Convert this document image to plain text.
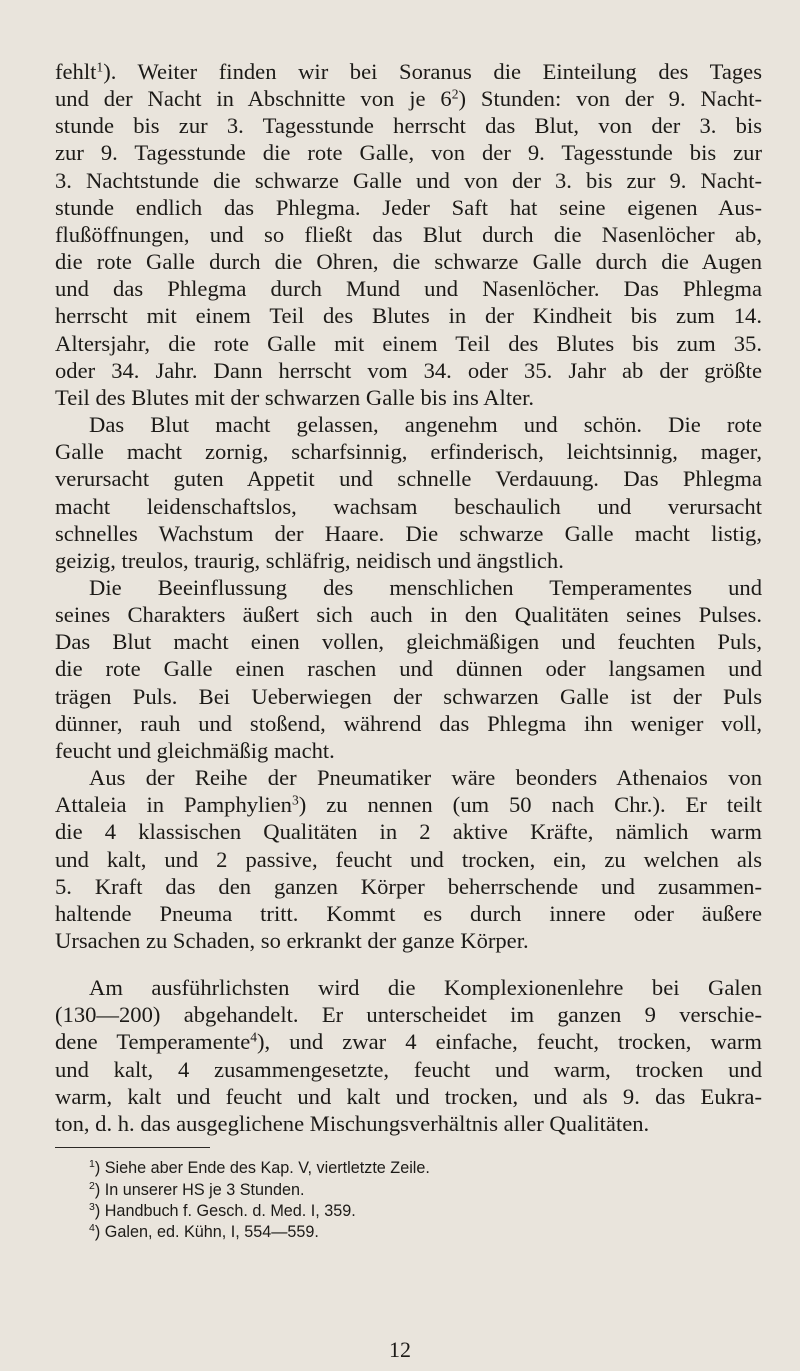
fehlt$^1$). Weiter finden wir bei Soranus die Einteilung des Tages
und der Nacht in Abschnitte von je $6^2$) Stunden: von der 9. Nacht-
stunde bis zur 3. Tagesstunde herrscht das Blut, von der 3. bis
zur 9. Tagesstunde die rote Galle, von der 9. Tagesstunde bis zur
3. Nachtstunde die schwarze Galle und von der 3. bis zur 9. Nacht-
stunde endlich das Phlegma. Jeder Saft hat seine eigenen Aus-
flußöffnungen, und so fließt das Blut durch die Nasenlöcher ab,
die rote Galle durch die Ohren, die schwarze Galle durch die Augen
und das Phlegma durch Mund und Nasenlöcher. Das Phlegma
herrscht mit einem Teil des Blutes in der Kindheit bis zum 14.
Altersjahr, die rote Galle mit einem Teil des Blutes bis zum 35.
oder 34. Jahr. Dann herrscht vom 34. oder 35. Jahr ab der größte
Teil des Blutes mit der schwarzen Galle bis ins Alter.
Das Blut macht gelassen, angenehm und schön. Die rote
Galle macht zornig, scharfsinnig, erfinderisch, leichtsinnig, mager,
verursacht guten Appetit und schnelle Verdauung. Das Phlegma
macht leidenschaftslos, wachsam beschaulich und verursacht
schnelles Wachstum der Haare. Die schwarze Galle macht listig,
geizig, treulos, traurig, schläfrig, neidisch und ängstlich.
Die Beeinflussung des menschlichen Temperamentes und
seines Charakters äußert sich auch in den Qualitäten seines Pulses.
Das Blut macht einen vollen, gleichmäßigen und feuchten Puls,
die rote Galle einen raschen und dünnen oder langsamen und
trägen Puls. Bei Ueberwiegen der schwarzen Galle ist der Puls
dünner, rauh und stoßend, während das Phlegma ihn weniger voll,
feucht und gleichmäßig macht.
Aus der Reihe der Pneumatiker wäre beonders Athenaios von
Attaleia in Pamphylien$^3$) zu nennen (um 50 nach Chr.). Er teilt
die 4 klassischen Qualitäten in 2 aktive Kräfte, nämlich warm
und kalt, und 2 passive, feucht und trocken, ein, zu welchen als
5. Kraft das den ganzen Körper beherrschende und zusammen-
haltende Pneuma tritt. Kommt es durch innere oder äußere
Ursachen zu Schaden, so erkrankt der ganze Körper.
Am ausführlichsten wird die Komplexionenlehre bei Galen
(130—200) abgehandelt. Er unterscheidet im ganzen 9 verschie-
dene Temperamente$^4$), und zwar 4 einfache, feucht, trocken, warm
und kalt, 4 zusammengesetzte, feucht und warm, trocken und
warm, kalt und feucht und kalt und trocken, und als 9. das Eukra-
ton, d. h. das ausgeglichene Mischungsverhältnis aller Qualitäten.
$^1$) Siehe aber Ende des Kap. V, viertletzte Zeile.
$^2$) In unserer HS je 3 Stunden.
$^3$) Handbuch f. Gesch. d. Med. I, 359.
$^4$) Galen, ed. Kühn, I, 554—559.
12
